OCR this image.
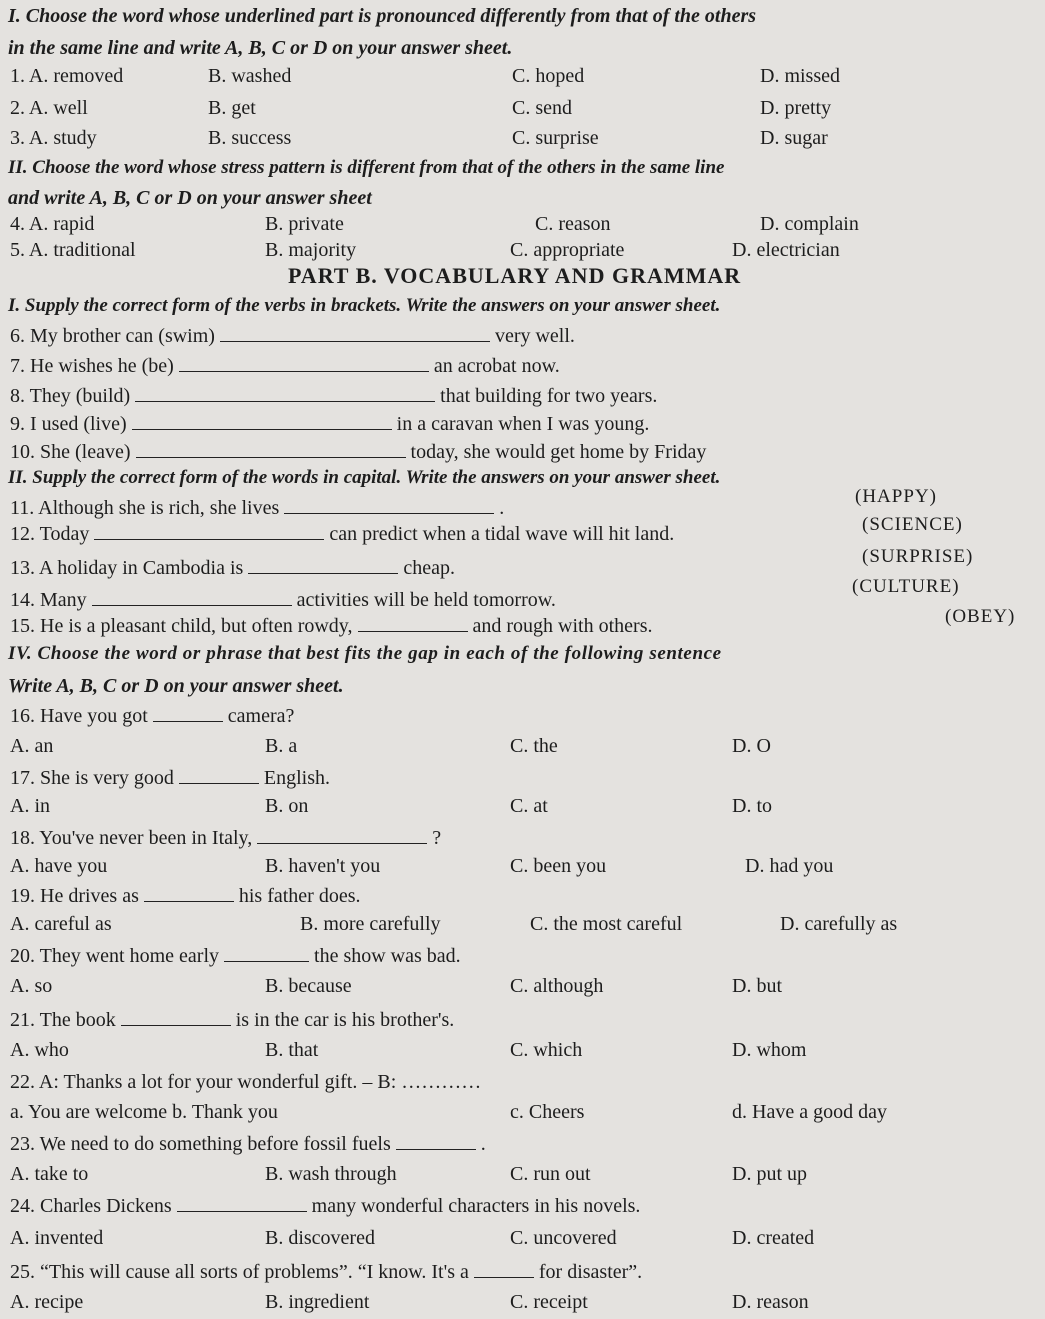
I. Choose the word whose underlined part is pronounced differently from that of the others
in the same line and write A, B, C or D on your answer sheet.
1. A. removed	B. washed	C. hoped	D. missed
2. A. well	B. get	C. send	D. pretty
3. A. study	B. success	C. surprise	D. sugar
II. Choose the word whose stress pattern is different from that of the others in the same line
and write A, B, C or D on your answer sheet
4. A. rapid	B. private	C. reason	D. complain
5. A. traditional	B. majority	C. appropriate	D. electrician
PART B. VOCABULARY AND GRAMMAR
I. Supply the correct form of the verbs in brackets. Write the answers on your answer sheet.
6. My brother can (swim)	very well.
7. He wishes he (be)	an acrobat now.
8. They (build)	that building for two years.
9. I used (live)	in a caravan when I was young.
10. She (leave)	today, she would get home by Friday
II. Supply the correct form of the words in capital. Write the answers on your answer sheet.
11. Although she is rich, she lives	.
(HAPPY)
12. Today	can predict when a tidal wave will hit land.	(SCIENCE)
13. A holiday in Cambodia is	cheap.
(SURPRISE)
14. Many	activities will be held tomorrow.
(CULTURE)
15. He is a pleasant child, but often rowdy,	and rough with others.	(OBEY)
IV. Choose the word or phrase that best fits the gap in each of the following sentence
Write A, B, C or D on your answer sheet.
16. Have you got	camera?
A. an	B. a	C. the	D. O
17. She is very good	English.
A. in	B. on	C. at	D. to
18. You've never been in Italy,	?
A. have you	B. haven't you	C. been you	D. had you
19. He drives as	his father does.
A. careful as	B. more carefully	C. the most careful	D. carefully as
20. They went home early	the show was bad.
A. so	B. because	C. although	D. but
21. The book	is in the car is his brother's.
A. who	B. that	C. which	D. whom
22. A: Thanks a lot for your wonderful gift. – B: …………
a. You are welcome b. Thank you	c. Cheers	d. Have a good day
23. We need to do something before fossil fuels	.
A. take to	B. wash through	C. run out	D. put up
24. Charles Dickens	many wonderful characters in his novels.
A. invented	B. discovered	C. uncovered	D. created
25. “This will cause all sorts of problems”. “I know. It's a	for disaster”.
A. recipe	B. ingredient	C. receipt	D. reason
